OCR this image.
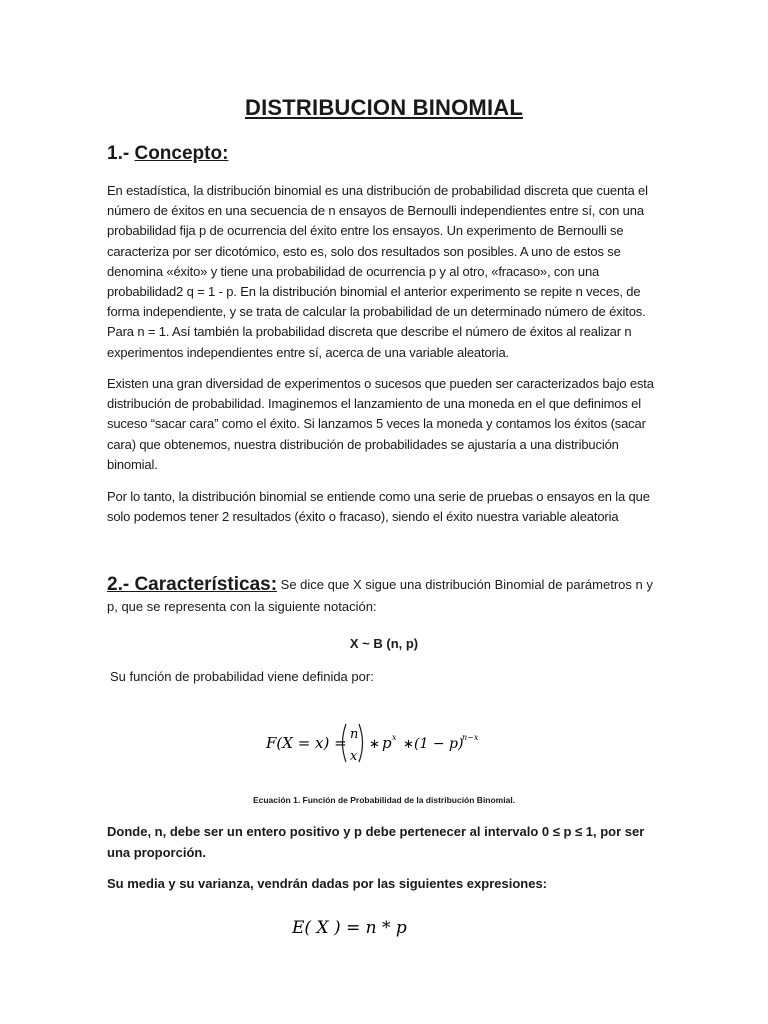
DISTRIBUCION BINOMIAL
1.- Concepto:
En estadística, la distribución binomial es una distribución de probabilidad discreta que cuenta el número de éxitos en una secuencia de n ensayos de Bernoulli independientes entre sí, con una probabilidad fija p de ocurrencia del éxito entre los ensayos. Un experimento de Bernoulli se caracteriza por ser dicotómico, esto es, solo dos resultados son posibles. A uno de estos se denomina «éxito» y tiene una probabilidad de ocurrencia p y al otro, «fracaso», con una probabilidad2 q = 1 - p. En la distribución binomial el anterior experimento se repite n veces, de forma independiente, y se trata de calcular la probabilidad de un determinado número de éxitos. Para n = 1. Así también la probabilidad discreta que describe el número de éxitos al realizar n experimentos independientes entre sí, acerca de una variable aleatoria.
Existen una gran diversidad de experimentos o sucesos que pueden ser caracterizados bajo esta distribución de probabilidad. Imaginemos el lanzamiento de una moneda en el que definimos el suceso “sacar cara” como el éxito. Si lanzamos 5 veces la moneda y contamos los éxitos (sacar cara) que obtenemos, nuestra distribución de probabilidades se ajustaría a una distribución binomial.
Por lo tanto, la distribución binomial se entiende como una serie de pruebas o ensayos en la que solo podemos tener 2 resultados (éxito o fracaso), siendo el éxito nuestra variable aleatoria
2.- Características: Se dice que X sigue una distribución Binomial de parámetros n y p, que se representa con la siguiente notación:
X ~ B (n, p)
Su función de probabilidad viene definida por:
F(X = x) = n
x
∗ p x ∗ (1 − p)
n−x
Ecuación 1. Función de Probabilidad de la distribución Binomial.
Donde, n, debe ser un entero positivo y p debe pertenecer al intervalo 0 ≤ p ≤ 1, por ser una proporción.
Su media y su varianza, vendrán dadas por las siguientes expresiones:
E( X ) = n * p
